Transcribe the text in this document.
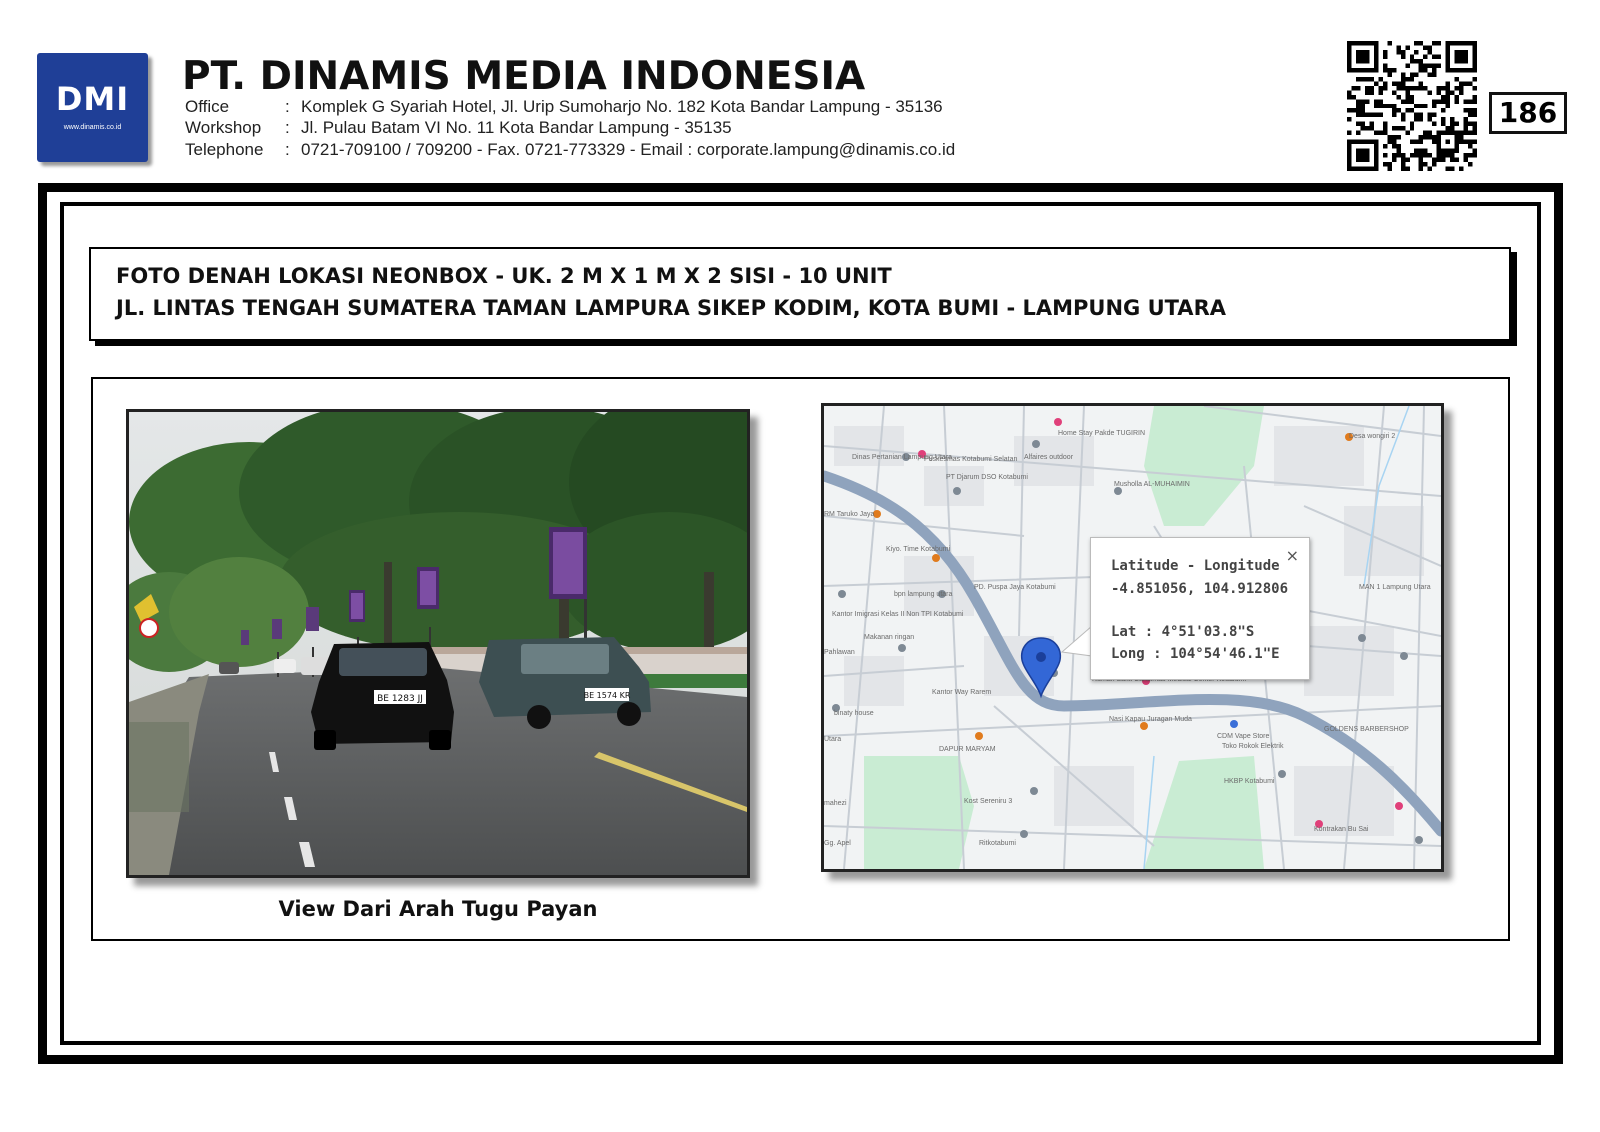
DMI
www.dinamis.co.id
PT. DINAMIS MEDIA INDONESIA
Office	: Komplek G Syariah Hotel, Jl. Urip Sumoharjo No. 182 Kota Bandar Lampung - 35136
Workshop : Jl. Pulau Batam VI No. 11 Kota Bandar Lampung - 35135
Telephone : 0721-709100 / 709200 - Fax. 0721-773329 - Email : corporate.lampung@dinamis.co.id
186
FOTO DENAH LOKASI NEONBOX - UK. 2 M X 1 M X 2 SISI - 10 UNIT
JL. LINTAS TENGAH SUMATERA TAMAN LAMPURA SIKEP KODIM, KOTA BUMI - LAMPUNG UTARA
BE 1283 JJ	BE 1574 KR
View Dari Arah Tugu Payan
Dinas Pertanian Lampung Utara
Puskesmas Kotabumi Selatan Alfaires outdoor
Home Stay Pakde TUGIRIN	Desa wongiri 2
RM Taruko Jaya
PT Djarum DSO Kotabumi
Musholla AL-MUHAIMIN
Kiyo. Time Kotabumi
bpn lampung utara
PD. Puspa Jaya Kotabumi	MAN 1 Lampung Utara
Kantor Imigrasi Kelas II Non TPI Kotabumi
Pahlawan
Makanan ringan
Kantor Way Rarem
binaty house
Utara
Nasi Kapau Juragan Muda
CDM Vape Store
Toko Rokok Elektrik
GOLDENS BARBERSHOP
DAPUR MARYAM
HKBP Kotabumi
Kost Sereniru 3
Kontrakan Bu Sai
Ritkotabumi
mahezi
Gg. Apel
×
Latitude - Longitude
-4.851056, 104.912806
Lat : 4°51'03.8"S
Long : 104°54'46.1"E
